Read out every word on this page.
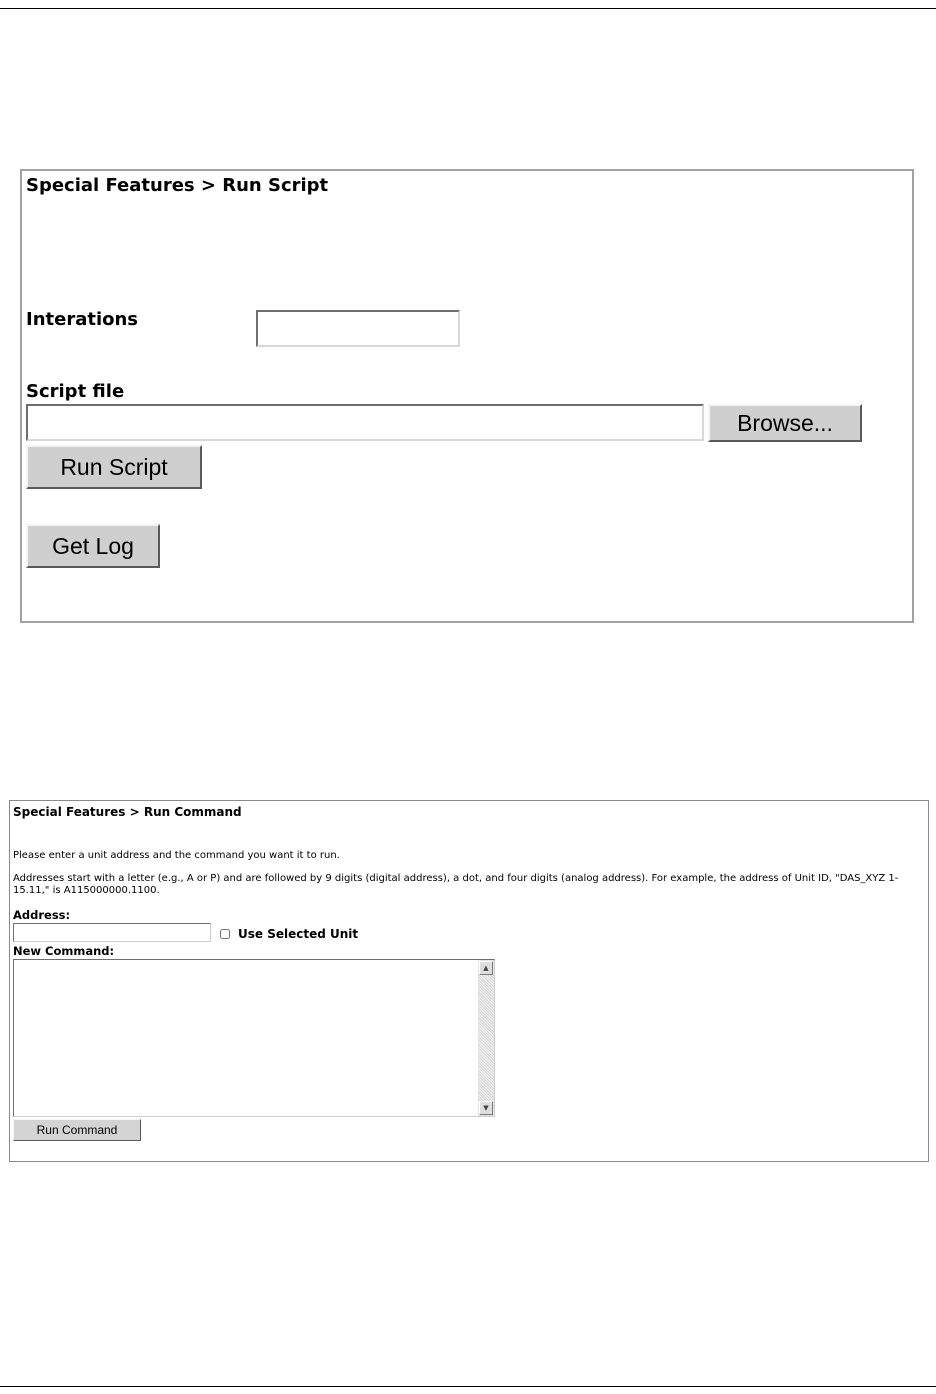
Special Features > Run Script
Interations
Script file
Browse...
Run Script
Get Log
Special Features > Run Command
Please enter a unit address and the command you want it to run.
Addresses start with a letter (e.g., A or P) and are followed by 9 digits (digital address), a dot, and four digits (analog address). For example, the address of Unit ID, "DAS_XYZ 1-15.11," is A115000000.1100.
Address:
Use Selected Unit
New Command:
▲
▼
Run Command
